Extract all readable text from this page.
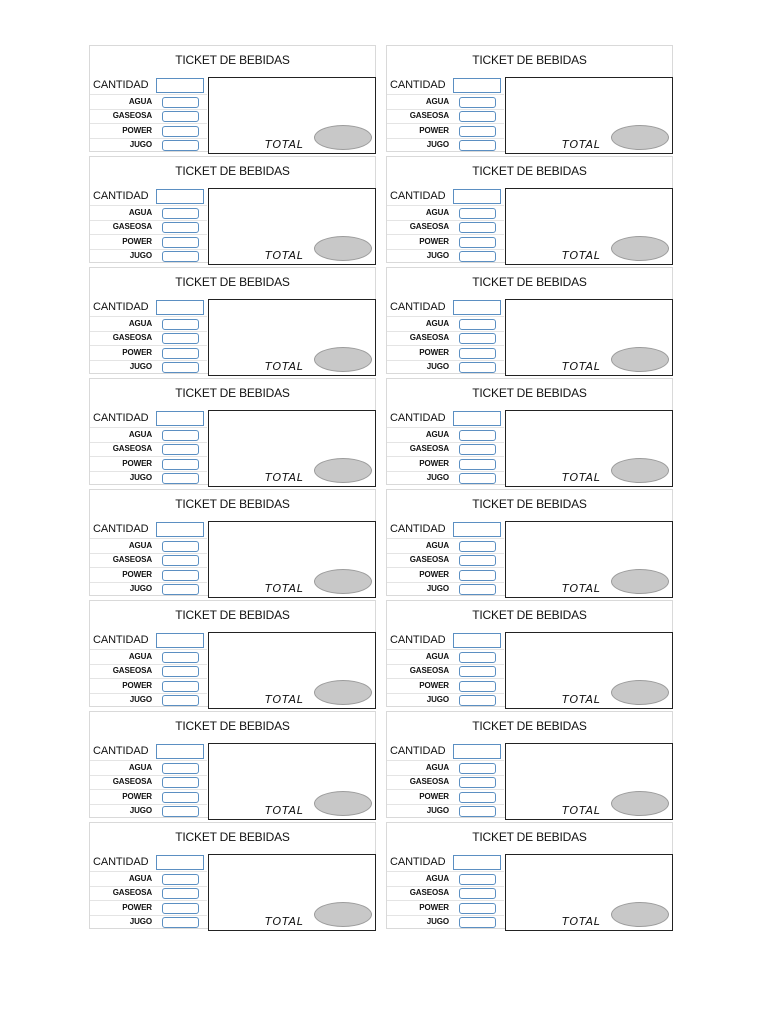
TICKET DE BEBIDAS
CANTIDAD
AGUA
GASEOSA
POWER
JUGO	TOTAL
TICKET DE BEBIDAS
CANTIDAD
AGUA
GASEOSA
POWER
JUGO	TOTAL
TICKET DE BEBIDAS
CANTIDAD
AGUA
GASEOSA
POWER
JUGO	TOTAL
TICKET DE BEBIDAS
CANTIDAD
AGUA
GASEOSA
POWER
JUGO	TOTAL
TICKET DE BEBIDAS
CANTIDAD
AGUA
GASEOSA
POWER
JUGO	TOTAL
TICKET DE BEBIDAS
CANTIDAD
AGUA
GASEOSA
POWER
JUGO	TOTAL
TICKET DE BEBIDAS
CANTIDAD
AGUA
GASEOSA
POWER
JUGO	TOTAL
TICKET DE BEBIDAS
CANTIDAD
AGUA
GASEOSA
POWER
JUGO	TOTAL
TICKET DE BEBIDAS
CANTIDAD
AGUA
GASEOSA
POWER
JUGO	TOTAL
TICKET DE BEBIDAS
CANTIDAD
AGUA
GASEOSA
POWER
JUGO	TOTAL
TICKET DE BEBIDAS
CANTIDAD
AGUA
GASEOSA
POWER
JUGO	TOTAL
TICKET DE BEBIDAS
CANTIDAD
AGUA
GASEOSA
POWER
JUGO	TOTAL
TICKET DE BEBIDAS
CANTIDAD
AGUA
GASEOSA
POWER
JUGO	TOTAL
TICKET DE BEBIDAS
CANTIDAD
AGUA
GASEOSA
POWER
JUGO	TOTAL
TICKET DE BEBIDAS
CANTIDAD
AGUA
GASEOSA
POWER
JUGO	TOTAL
TICKET DE BEBIDAS
CANTIDAD
AGUA
GASEOSA
POWER
JUGO	TOTAL
